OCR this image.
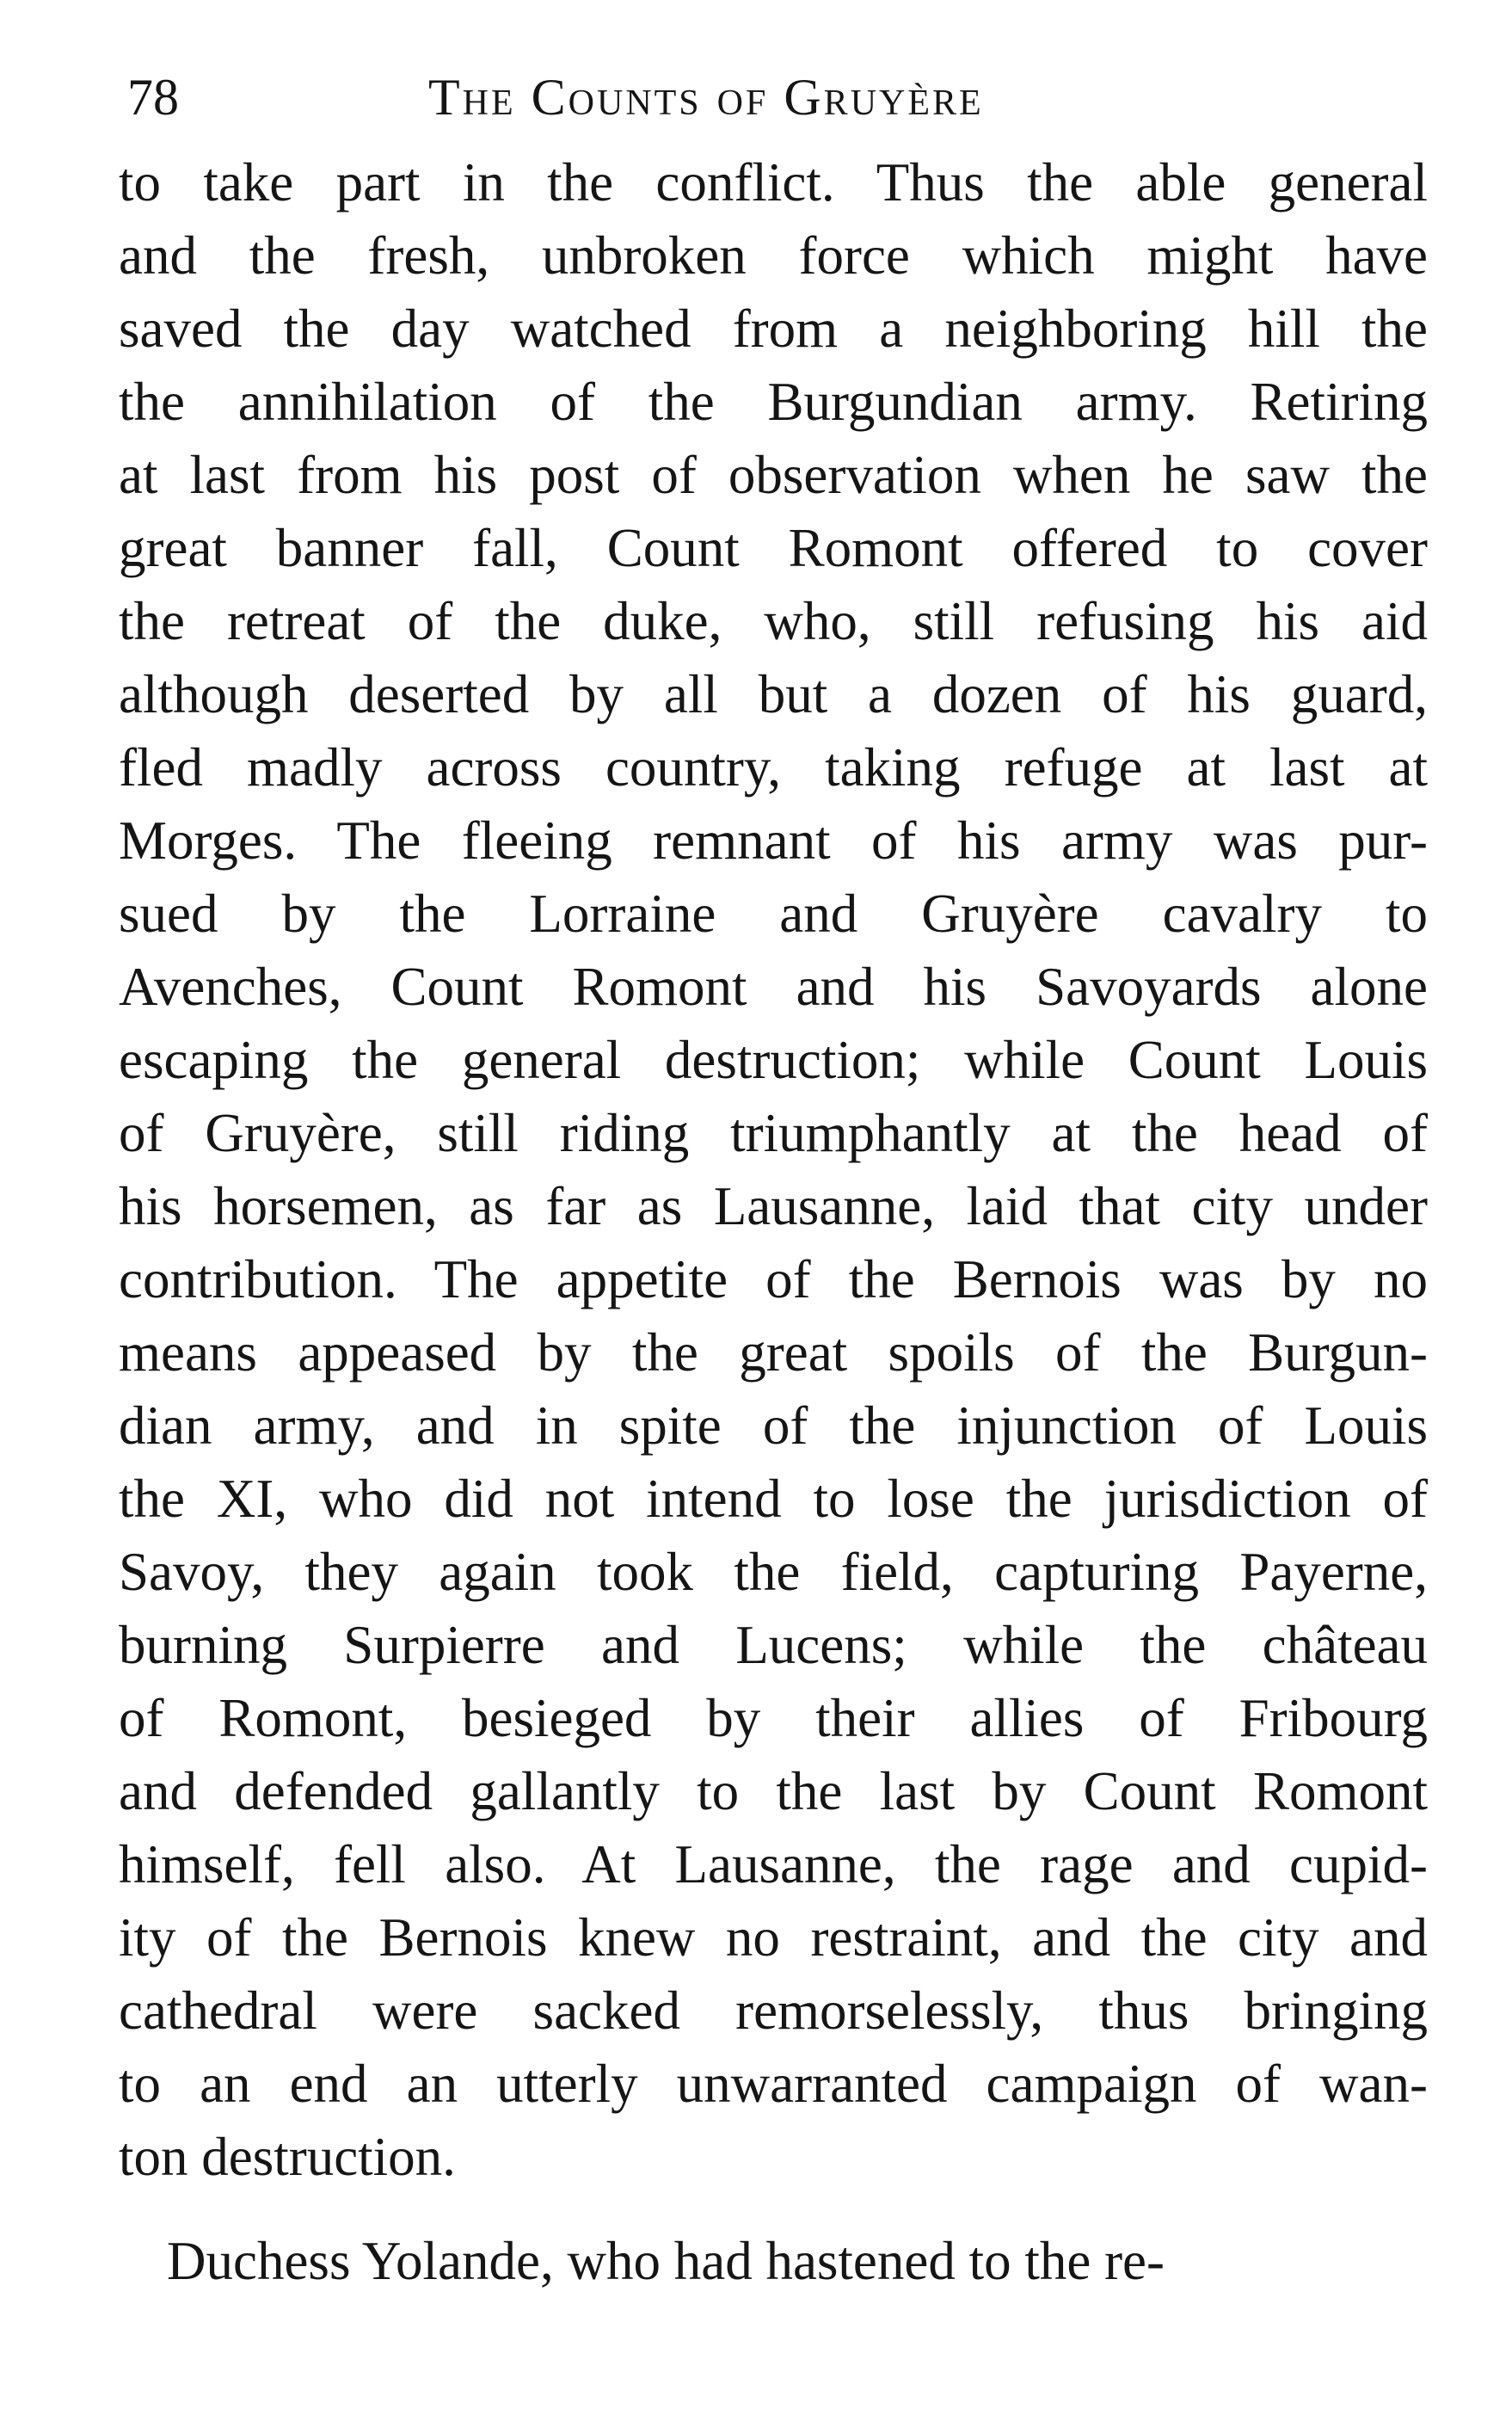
78	The Counts of Gruyère
to take part in the conflict. Thus the able general
and the fresh, unbroken force which might have
saved the day watched from a neighboring hill the
the annihilation of the Burgundian army. Retiring
at last from his post of observation when he saw the
great banner fall, Count Romont offered to cover
the retreat of the duke, who, still refusing his aid
although deserted by all but a dozen of his guard,
fled madly across country, taking refuge at last at
Morges. The fleeing remnant of his army was pur-
sued by the Lorraine and Gruyère cavalry to
Avenches, Count Romont and his Savoyards alone
escaping the general destruction; while Count Louis
of Gruyère, still riding triumphantly at the head of
his horsemen, as far as Lausanne, laid that city under
contribution. The appetite of the Bernois was by no
means appeased by the great spoils of the Burgun-
dian army, and in spite of the injunction of Louis
the XI, who did not intend to lose the jurisdiction of
Savoy, they again took the field, capturing Payerne,
burning Surpierre and Lucens; while the château
of Romont, besieged by their allies of Fribourg
and defended gallantly to the last by Count Romont
himself, fell also. At Lausanne, the rage and cupid-
ity of the Bernois knew no restraint, and the city and
cathedral were sacked remorselessly, thus bringing
to an end an utterly unwarranted campaign of wan-
ton destruction.
Duchess Yolande, who had hastened to the re-
